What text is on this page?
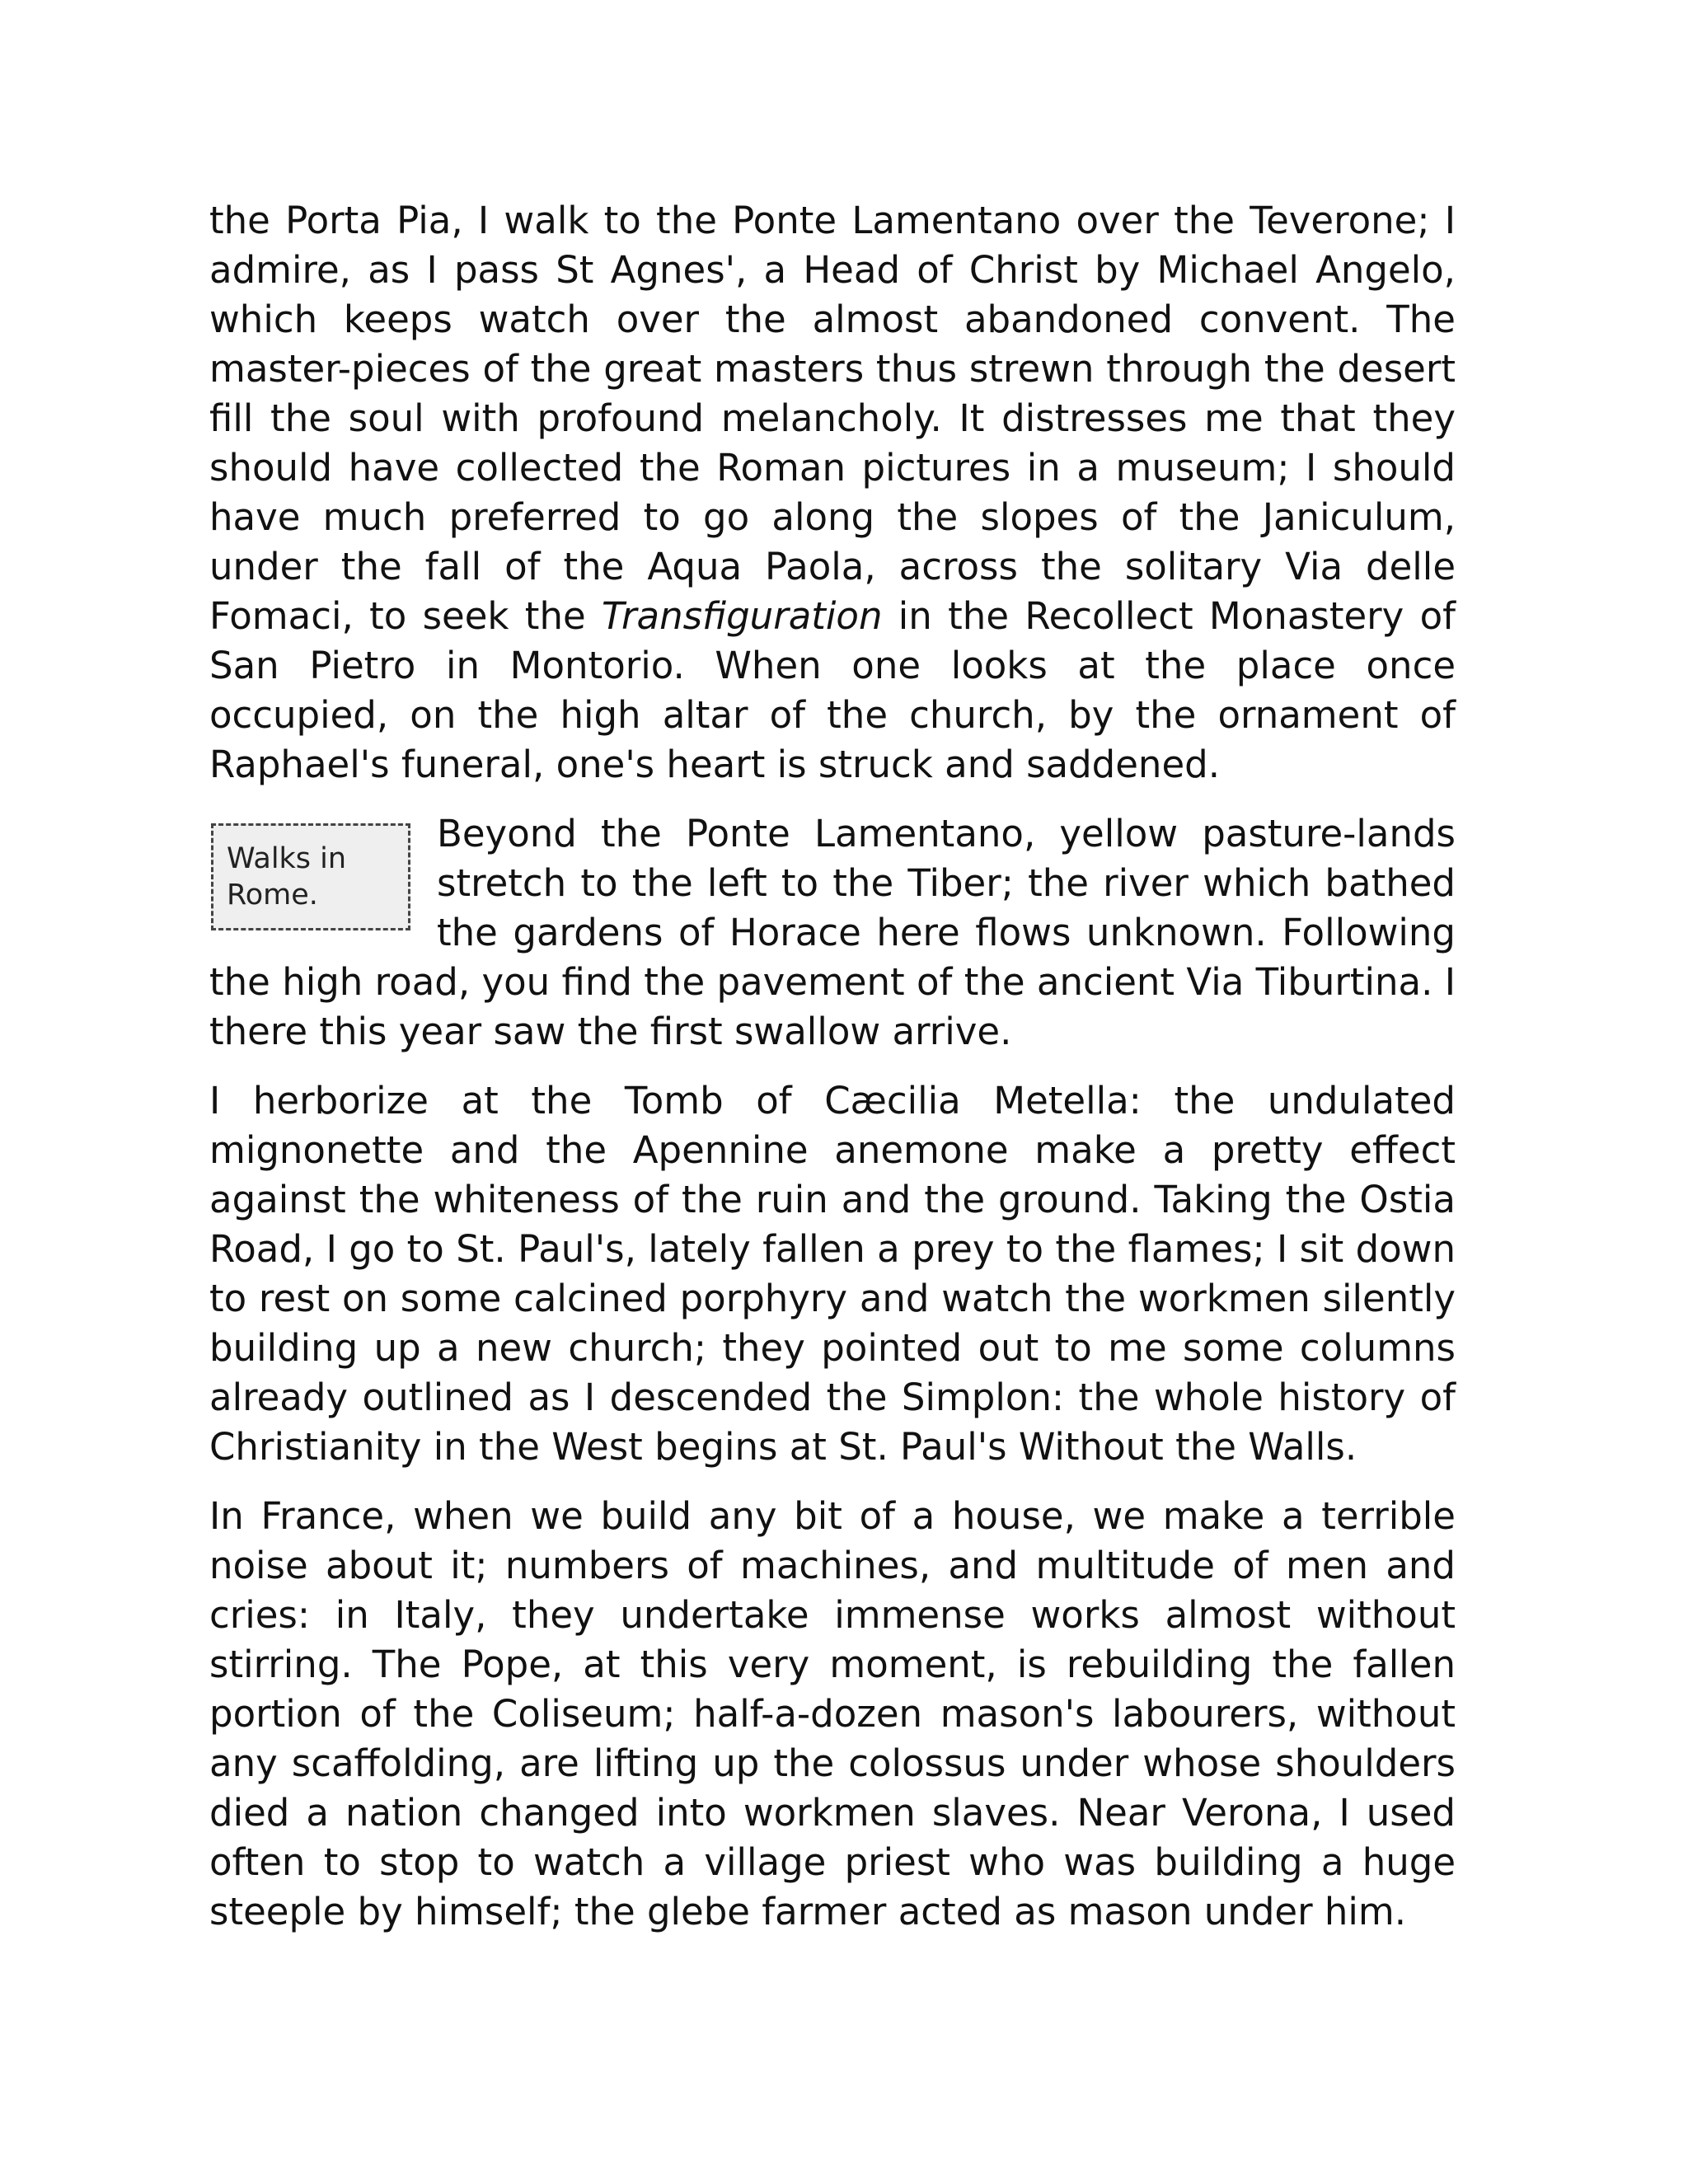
the Porta Pia, I walk to the Ponte Lamentano over the Teverone; I admire, as I pass St Agnes', a Head of Christ by Michael Angelo, which keeps watch over the almost abandoned convent. The master-pieces of the great masters thus strewn through the desert fill the soul with profound melancholy. It distresses me that they should have collected the Roman pictures in a museum; I should have much preferred to go along the slopes of the Janiculum, under the fall of the Aqua Paola, across the solitary Via delle Fomaci, to seek the Transfiguration in the Recollect Monastery of San Pietro in Montorio. When one looks at the place once occupied, on the high altar of the church, by the ornament of Raphael's funeral, one's heart is struck and saddened.

Walks in Rome.
Beyond the Ponte Lamentano, yellow pasture-lands stretch to the left to the Tiber; the river which bathed the gardens of Horace here flows unknown. Following the high road, you find the pavement of the ancient Via Tiburtina. I there this year saw the first swallow arrive.

I herborize at the Tomb of Cæcilia Metella: the undulated mignonette and the Apennine anemone make a pretty effect against the whiteness of the ruin and the ground. Taking the Ostia Road, I go to St. Paul's, lately fallen a prey to the flames; I sit down to rest on some calcined porphyry and watch the workmen silently building up a new church; they pointed out to me some columns already outlined as I descended the Simplon: the whole history of Christianity in the West begins at St. Paul's Without the Walls.

In France, when we build any bit of a house, we make a terrible noise about it; numbers of machines, and multitude of men and cries: in Italy, they undertake immense works almost without stirring. The Pope, at this very moment, is rebuilding the fallen portion of the Coliseum; half-a-dozen mason's labourers, without any scaffolding, are lifting up the colossus under whose shoulders died a nation changed into workmen slaves. Near Verona, I used often to stop to watch a village priest who was building a huge steeple by himself; the glebe farmer acted as mason under him.
